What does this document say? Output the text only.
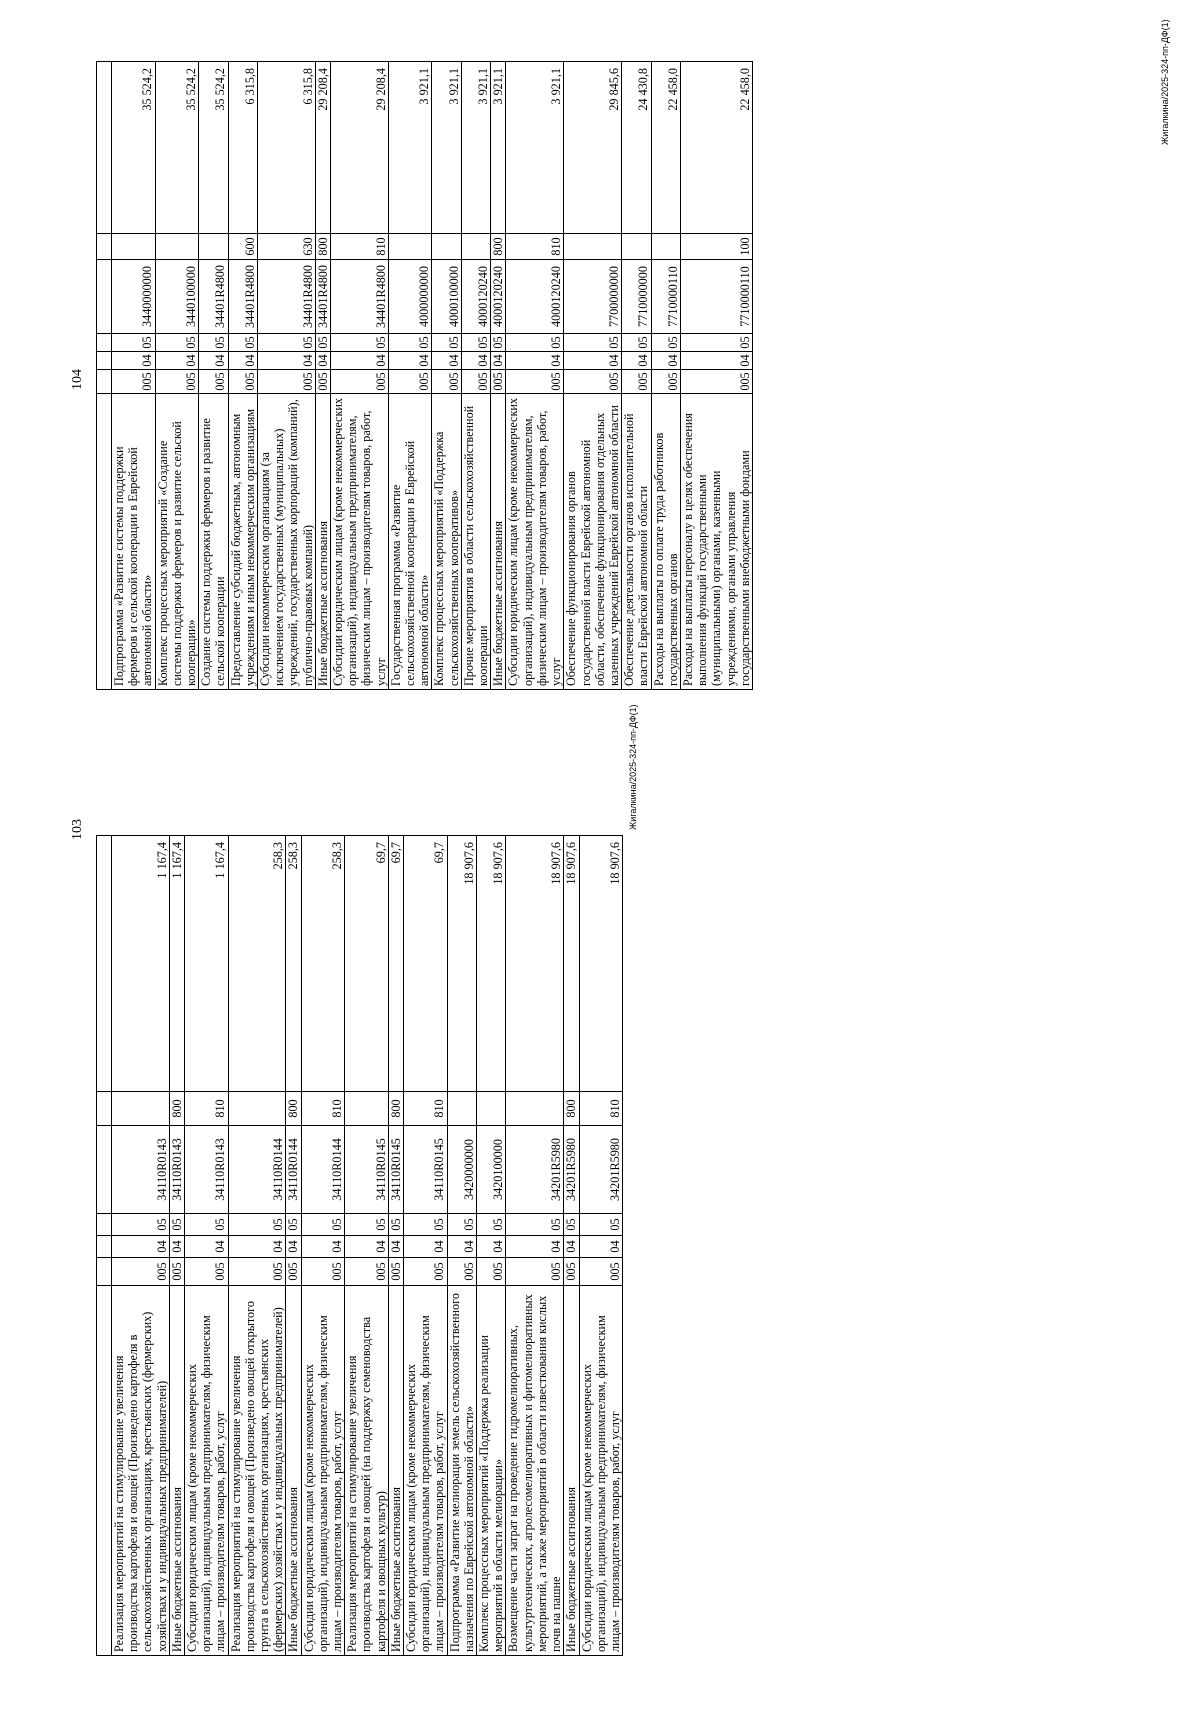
Реализация мероприятий на стимулирование увеличения производства картофеля и овощей (Произведено картофеля в сельскохозяйственных организациях, крестьянских (фермерских) хозяйствах и у индивидуальных предпринимателей)	005	04	05	34110R0143		1 167,4
Иные бюджетные ассигнования	005	04	05	34110R0143	800	1 167,4
Субсидии юридическим лицам (кроме некоммерческих организаций), индивидуальным предпринимателям, физическим лицам – производителям товаров, работ, услуг	005	04	05	34110R0143	810	1 167,4
Реализация мероприятий на стимулирование увеличения производства картофеля и овощей (Произведено овощей открытого грунта в сельскохозяйственных организациях, крестьянских (фермерских) хозяйствах и у индивидуальных предпринимателей)	005	04	05	34110R0144		258,3
Иные бюджетные ассигнования	005	04	05	34110R0144	800	258,3
Субсидии юридическим лицам (кроме некоммерческих организаций), индивидуальным предпринимателям, физическим лицам – производителям товаров, работ, услуг	005	04	05	34110R0144	810	258,3
Реализация мероприятий на стимулирование увеличения производства картофеля и овощей (на поддержку семеноводства картофеля и овощных культур)	005	04	05	34110R0145		69,7
Иные бюджетные ассигнования	005	04	05	34110R0145	800	69,7
Субсидии юридическим лицам (кроме некоммерческих организаций), индивидуальным предпринимателям, физическим лицам – производителям товаров, работ, услуг	005	04	05	34110R0145	810	69,7
Подпрограмма «Развитие мелиорации земель сельскохозяйственного назначения по Еврейской автономной области»	005	04	05	3420000000		18 907,6
Комплекс процессных мероприятий «Поддержка реализации мероприятий в области мелиорации»	005	04	05	3420100000		18 907,6
Возмещение части затрат на проведение гидромелиоративных, культуртехнических, агролесомелиоративных и фитомелиоративных мероприятий, а также мероприятий в области известкования кислых почв на пашне	005	04	05	34201R5980		18 907,6
Иные бюджетные ассигнования	005	04	05	34201R5980	800	18 907,6
Субсидии юридическим лицам (кроме некоммерческих организаций), индивидуальным предпринимателям, физическим лицам – производителям товаров, работ, услуг	005	04	05	34201R5980	810	18 907,6
103	Жигалкина/2025-324-пп-ДФ(1)
104
Жигалкина/2025-324-пп-ДФ(1)

Подпрограмма «Развитие системы поддержки фермеров и сельской кооперации в Еврейской автономной области»	005	04	05	3440000000		35 524,2
Комплекс процессных мероприятий «Создание системы поддержки фермеров и развитие сельской кооперации»	005	04	05	3440100000		35 524,2
Создание системы поддержки фермеров и развитие сельской кооперации	005	04	05	34401R4800		35 524,2
Предоставление субсидий бюджетным, автономным учреждениям и иным некоммерческим организациям	005	04	05	34401R4800	600	6 315,8
Субсидии некоммерческим организациям (за исключением государственных (муниципальных) учреждений, государственных корпораций (компаний), публично-правовых компаний)	005	04	05	34401R4800	630	6 315,8
Иные бюджетные ассигнования	005	04	05	34401R4800	800	29 208,4
Субсидии юридическим лицам (кроме некоммерческих организаций), индивидуальным предпринимателям, физическим лицам – производителям товаров, работ, услуг	005	04	05	34401R4800	810	29 208,4
Государственная программа «Развитие сельскохозяйственной кооперации в Еврейской автономной области»	005	04	05	4000000000		3 921,1
Комплекс процессных мероприятий «Поддержка сельскохозяйственных кооперативов»	005	04	05	4000100000		3 921,1
Прочие мероприятия в области сельскохозяйственной кооперации	005	04	05	4000120240		3 921,1
Иные бюджетные ассигнования	005	04	05	4000120240	800	3 921,1
Субсидии юридическим лицам (кроме некоммерческих организаций), индивидуальным предпринимателям, физическим лицам – производителям товаров, работ, услуг	005	04	05	4000120240	810	3 921,1
Обеспечение функционирования органов государственной власти Еврейской автономной области, обеспечение функционирования отдельных казенных учреждений Еврейской автономной области	005	04	05	7700000000		29 845,6
Обеспечение деятельности органов исполнительной власти Еврейской автономной области	005	04	05	7710000000		24 430,8
Расходы на выплаты по оплате труда работников государственных органов	005	04	05	7710000110		22 458,0
Расходы на выплаты персоналу в целях обеспечения выполнения функций государственными (муниципальными) органами, казенными учреждениями, органами управления государственными внебюджетными фондами	005	04	05	7710000110	100	22 458,0
